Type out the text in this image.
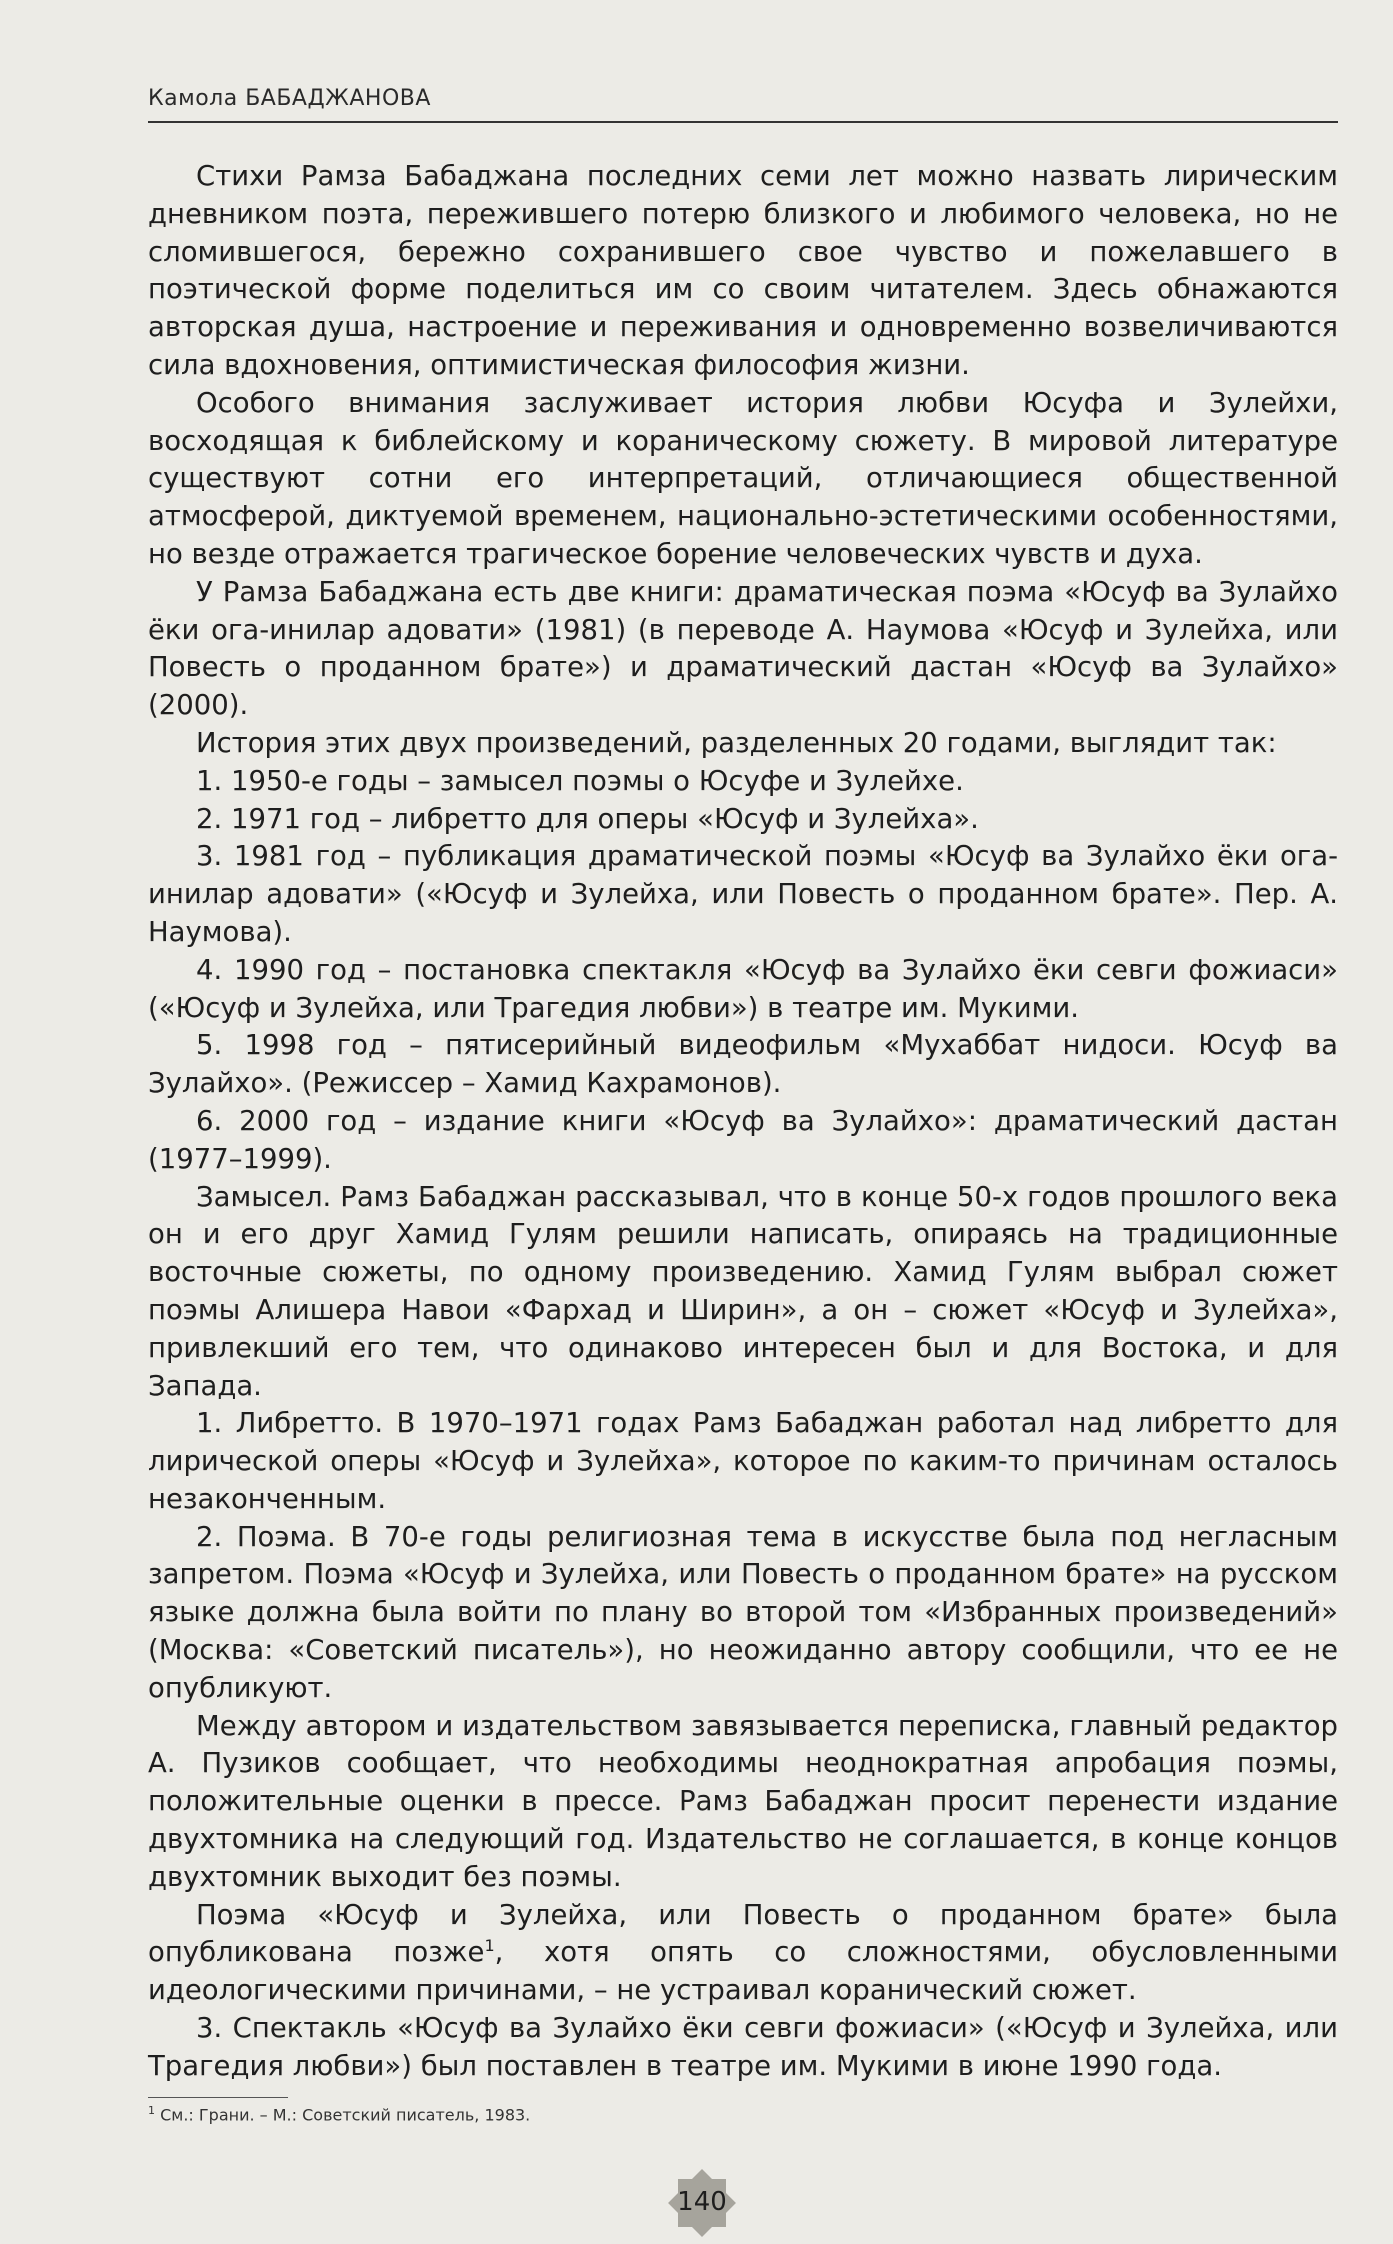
Камола БАБАДЖАНОВА

Стихи Рамза Бабаджана последних семи лет можно назвать лирическим дневником поэта, пережившего потерю близкого и любимого человека, но не сломившегося, бережно сохранившего свое чувство и пожелавшего в поэтической форме поделиться им со своим читателем. Здесь обнажаются авторская душа, настроение и переживания и одновременно возвеличиваются сила вдохновения, оптимистическая философия жизни.

Особого внимания заслуживает история любви Юсуфа и Зулейхи, восходящая к библейскому и кораническому сюжету. В мировой литературе существуют сотни его интерпретаций, отличающиеся общественной атмосферой, диктуемой временем, национально-эстетическими особенностями, но везде отражается трагическое борение человеческих чувств и духа.

У Рамза Бабаджана есть две книги: драматическая поэма «Юсуф ва Зулайхо ёки ога-инилар адовати» (1981) (в переводе А. Наумова «Юсуф и Зулейха, или Повесть о проданном брате») и драматический дастан «Юсуф ва Зулайхо» (2000).

История этих двух произведений, разделенных 20 годами, выглядит так:

1. 1950-е годы – замысел поэмы о Юсуфе и Зулейхе.

2. 1971 год – либретто для оперы «Юсуф и Зулейха».

3. 1981 год – публикация драматической поэмы «Юсуф ва Зулайхо ёки ога-инилар адовати» («Юсуф и Зулейха, или Повесть о проданном брате». Пер. А. Наумова).

4. 1990 год – постановка спектакля «Юсуф ва Зулайхо ёки севги фожиаси» («Юсуф и Зулейха, или Трагедия любви») в театре им. Мукими.

5. 1998 год – пятисерийный видеофильм «Мухаббат нидоси. Юсуф ва Зулайхо». (Режиссер – Хамид Кахрамонов).

6. 2000 год – издание книги «Юсуф ва Зулайхо»: драматический дастан (1977–1999).

Замысел. Рамз Бабаджан рассказывал, что в конце 50-х годов прошлого века он и его друг Хамид Гулям решили написать, опираясь на традиционные восточные сюжеты, по одному произведению. Хамид Гулям выбрал сюжет поэмы Алишера Навои «Фархад и Ширин», а он – сюжет «Юсуф и Зулейха», привлекший его тем, что одинаково интересен был и для Востока, и для Запада.

1. Либретто. В 1970–1971 годах Рамз Бабаджан работал над либретто для лирической оперы «Юсуф и Зулейха», которое по каким-то причинам осталось незаконченным.

2. Поэма. В 70-е годы религиозная тема в искусстве была под негласным запретом. Поэма «Юсуф и Зулейха, или Повесть о проданном брате» на русском языке должна была войти по плану во второй том «Избранных произведений» (Москва: «Советский писатель»), но неожиданно автору сообщили, что ее не опубликуют.

Между автором и издательством завязывается переписка, главный редактор А. Пузиков сообщает, что необходимы неоднократная апробация поэмы, положительные оценки в прессе. Рамз Бабаджан просит перенести издание двухтомника на следующий год. Издательство не соглашается, в конце концов двухтомник выходит без поэмы.

Поэма «Юсуф и Зулейха, или Повесть о проданном брате» была опубликована позже$^1$, хотя опять со сложностями, обусловленными идеологическими причинами, – не устраивал коранический сюжет.

3. Спектакль «Юсуф ва Зулайхо ёки севги фожиаси» («Юсуф и Зулейха, или Трагедия любви») был поставлен в театре им. Мукими в июне 1990 года.

$^1$ См.: Грани. – М.: Советский писатель, 1983.
140
